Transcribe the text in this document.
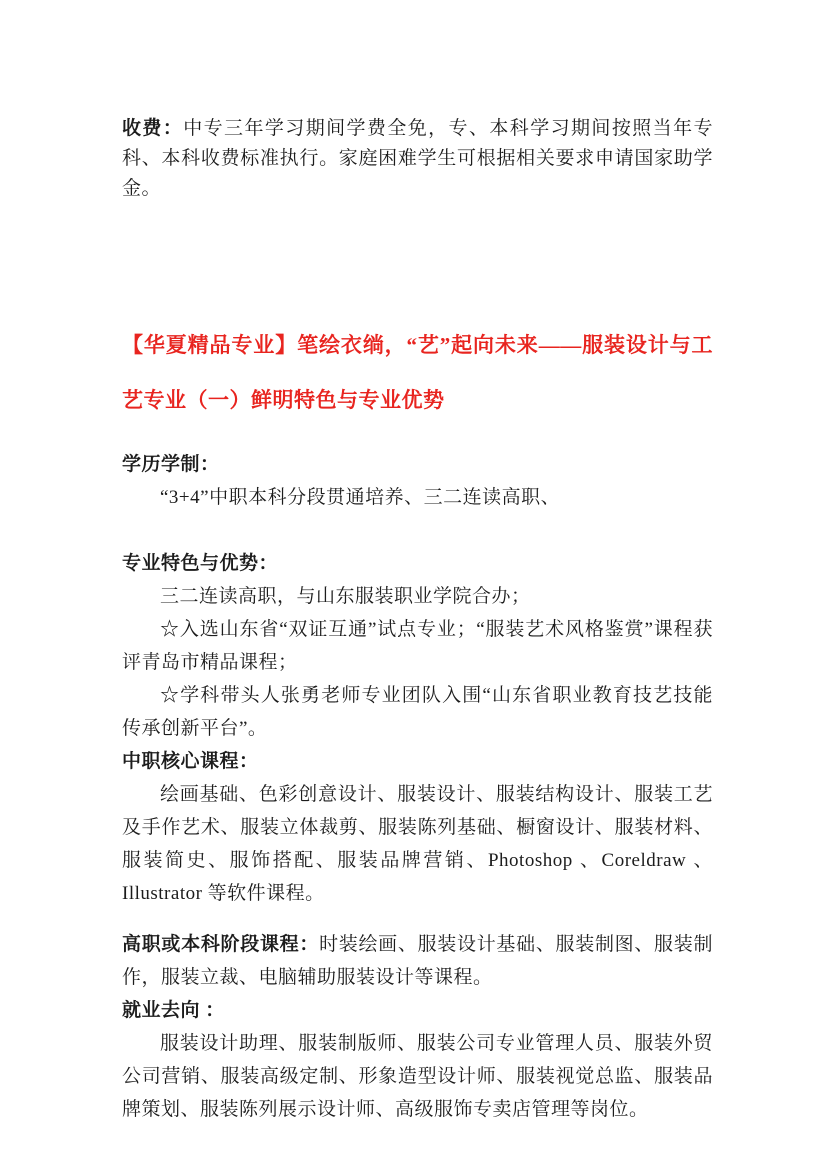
收费：中专三年学习期间学费全免，专、本科学习期间按照当年专科、本科收费标准执行。家庭困难学生可根据相关要求申请国家助学金。

【华夏精品专业】笔绘衣绱，“艺”起向未来——服装设计与工艺专业（一）鲜明特色与专业优势

学历学制：

“3+4”中职本科分段贯通培养、三二连读高职、

专业特色与优势：

三二连读高职，与山东服装职业学院合办；

☆入选山东省“双证互通”试点专业；“服装艺术风格鉴赏”课程获评青岛市精品课程；

☆学科带头人张勇老师专业团队入围“山东省职业教育技艺技能传承创新平台”。

中职核心课程：

绘画基础、色彩创意设计、服装设计、服装结构设计、服装工艺及手作艺术、服装立体裁剪、服装陈列基础、橱窗设计、服装材料、服装简史、服饰搭配、服装品牌营销、Photoshop 、Coreldraw 、Illustrator 等软件课程。

高职或本科阶段课程：时装绘画、服装设计基础、服装制图、服装制作，服装立裁、电脑辅助服装设计等课程。

就业去向 ：

服装设计助理、服装制版师、服装公司专业管理人员、服装外贸公司营销、服装高级定制、形象造型设计师、服装视觉总监、服装品牌策划、服装陈列展示设计师、高级服饰专卖店管理等岗位。
